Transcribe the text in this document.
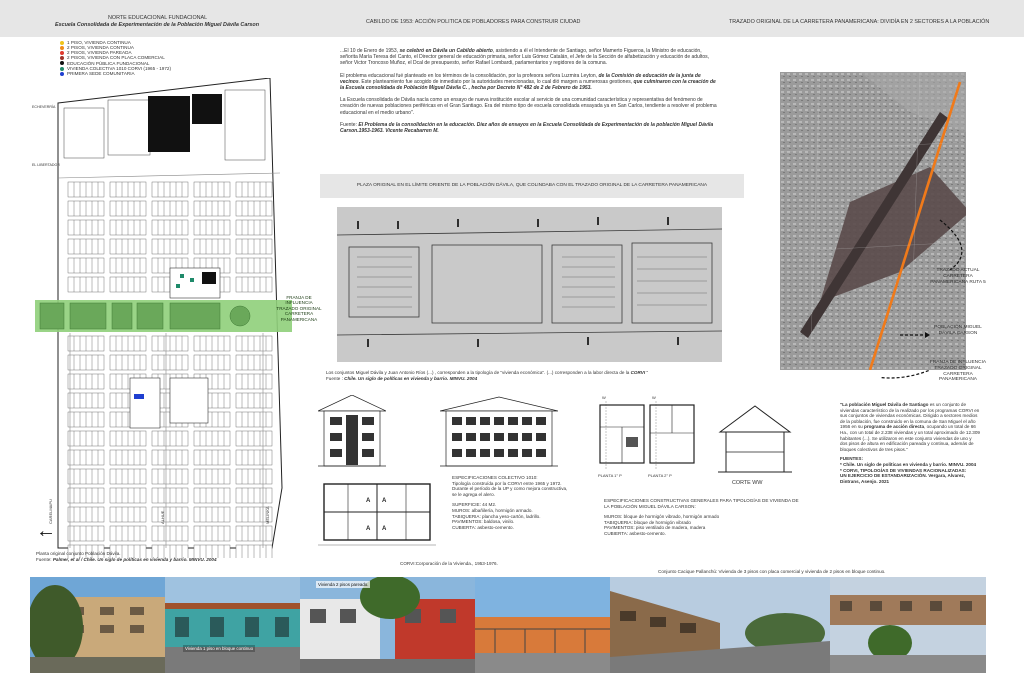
NORTE EDUCACIONAL FUNDACIONAL
Escuela Consolidada de Experimentación de la Población Miguel Dávila Carson	CABILDO DE 1953: ACCIÓN POLITICA DE POBLADORES PARA CONSTRUIR CIUDAD	TRAZADO ORIGINAL DE LA CARRETERA PANAMERICANA: DIVIDÍA EN 2 SECTORES A LA POBLACIÓN
1 PISO, VIVIENDA CONTINUA
2 PISOS, VIVIENDA CONTINUA
2 PISOS, VIVIENDA PAREADA
2 PISOS, VIVIENDA CON PLACA COMERCIAL
EDUCACIÓN PÚBLICA FUNDACIONAL
VIVIENDA COLECTIVA 1010 CORVI (1965 - 1972)
PRIMERA SEDE COMUNITARIA
ECHEVERRÍA
EL LIBERTADOR
CARELMAPU	ALHUE	MELINKA
FRANJA DE INFLUENCIA TRAZADO ORIGINAL CARRETERA PANAMERICANA
←
Planta original conjunto Población Dávila.
Fuente: Palmer, et al / Chile. Un siglo de políticas en vivienda y barrio. MINVU. 2004

...El 10 de Enero de 1953, se celebró en Dávila un Cabildo abierto, asistiendo a él el Intendente de Santiago, señor Mamerto Figueroa, la Ministro de educación, señorita María Teresa del Canto, el Director general de educación primaria, señor Luis Gómez Catalán, el Jefe de la Sección de alfabetización y educación de adultos, señor Victor Troncoso Muñoz, el Dcal de presupuesto, señor Rafael Lombardi, parlamentarios y regidores de la comuna.

El problema educacional fué planteado en los términos de la consolidación, por la profesora señora Luzmira Leyton, de la Comisión de educación de la junta de vecinos. Este planteamiento fue acogido de inmediato por la autoridades mencionadas, lo cual dió margen a numerosas gestiones, que culminaron con la creación de la Escuela consolidada de Población Miguel Dávila C. , hecha por Decreto N° 482 de 2 de Febrero de 1953.

La Escuela consolidada de Dávila nacía como un ensayo de nueva institución escolar al servicio de una comunidad característica y representativa del fenómeno de creación de nuevas poblaciones periféricas en el Gran Santiago. Era del mismo tipo de escuela consolidada ensayada ya en San Carlos, tendiente a resolver el problema educacional en el medio urbano".

Fuente: El Problema de la consolidación en la educación. Diez años de ensayos en la Escuela Consolidada de Experimentación de la población Miguel Dávila Carson.1953-1963. Vicente Recabarren M.

PLAZA ORIGINAL EN EL LÍMITE ORIENTE DE LA POBLACIÓN DÁVILA, QUE COLINDABA CON EL TRAZADO ORIGINAL DE LA CARRETERA PANAMERICANA
Los conjuntos Miguel Dávila y Juan Antonio Ríos (...) , corresponden a la tipología de "vivienda económica". (...) corresponden a la labor directa de la CORVI "
Fuente : Chile. Un siglo de políticas en vivienda y barrio. MINVU. 2004
A A
A A
ESPECIFICACIONES COLECTIVO 1010:
Tipología construída por la CORVI entre 1965 y 1972. Durante el período de la UP y como mejora constructiva, se le agrega el alero.
SUPERFICIE: 44 M2.
MUROS: albañilería, hormigón armado.
TABIQUERIA: plancha yeso-cartón, ladrillo.
PAVIMENTOS: baldosa, vinilo.
CUBIERTA: asbesto-cemento.
CORVI:Corporación de la Vivienda., 1953-1976.
W	W
PLANTA 1° P	PLANTA 2° P
CORTE WW
ESPECIFICACIONES CONSTRUCTIVAS GENERALES PARA TIPOLOGÍAS DE VIVIENDA DE LA POBLACIÓN MIGUEL DÁVILA CARSON:
MUROS: bloque de hormigón vibrado, hormigón armado
TABIQUERIA: bloque de hormigón vibrado
PAVIMENTOS: piso ventilado de madera, madera
CUBIERTA: asbesto-cemento.
TRAZADO ACTUAL CARRETERA PANAMERICANA RUTA 5
POBLACIÓN MIGUEL DÁVILA CARSON
FRANJA DE INFLUENCIA TRAZADO ORIGINAL CARRETERA PANAMERICANA

"La población Miguel Dávila de Santiago es un conjunto de viviendas característico de la realizado por los programas CORVI en sus conjuntos de viviendas económicas. Dirigido a sectores medios de la población, fue construido en la comuna de San Miguel el año 1956 en su programa de acción directa, ocupando un total de 66 Ha., con un total de 2.238 viviendas y un total aproximado de 12.309 habitantes (...). Se utilizaron en este conjunto viviendas de uno y dos pisos de altura en edificación pareada y continua, además de bloques colectivos de tres pisos."

FUENTES:
* Chile. Un siglo de políticas en vivienda y barrio. MINVU. 2004
* CORVI, TIPOLOGÍAS DE VIVIENDAS RACIONALIZADAS:
UN EJERCICIO DE ESTANDARIZACIÓN. Vergara, Alvarez, Dintrans, Asenjo. 2021
Conjunto Cacique Pallanchú: Vivienda de 3 pisos con placa comercial y vivienda de 2 pisos en bloque continuo.
Vivienda 1 piso en bloque continuo
Vivienda 2 pisos pareado.
